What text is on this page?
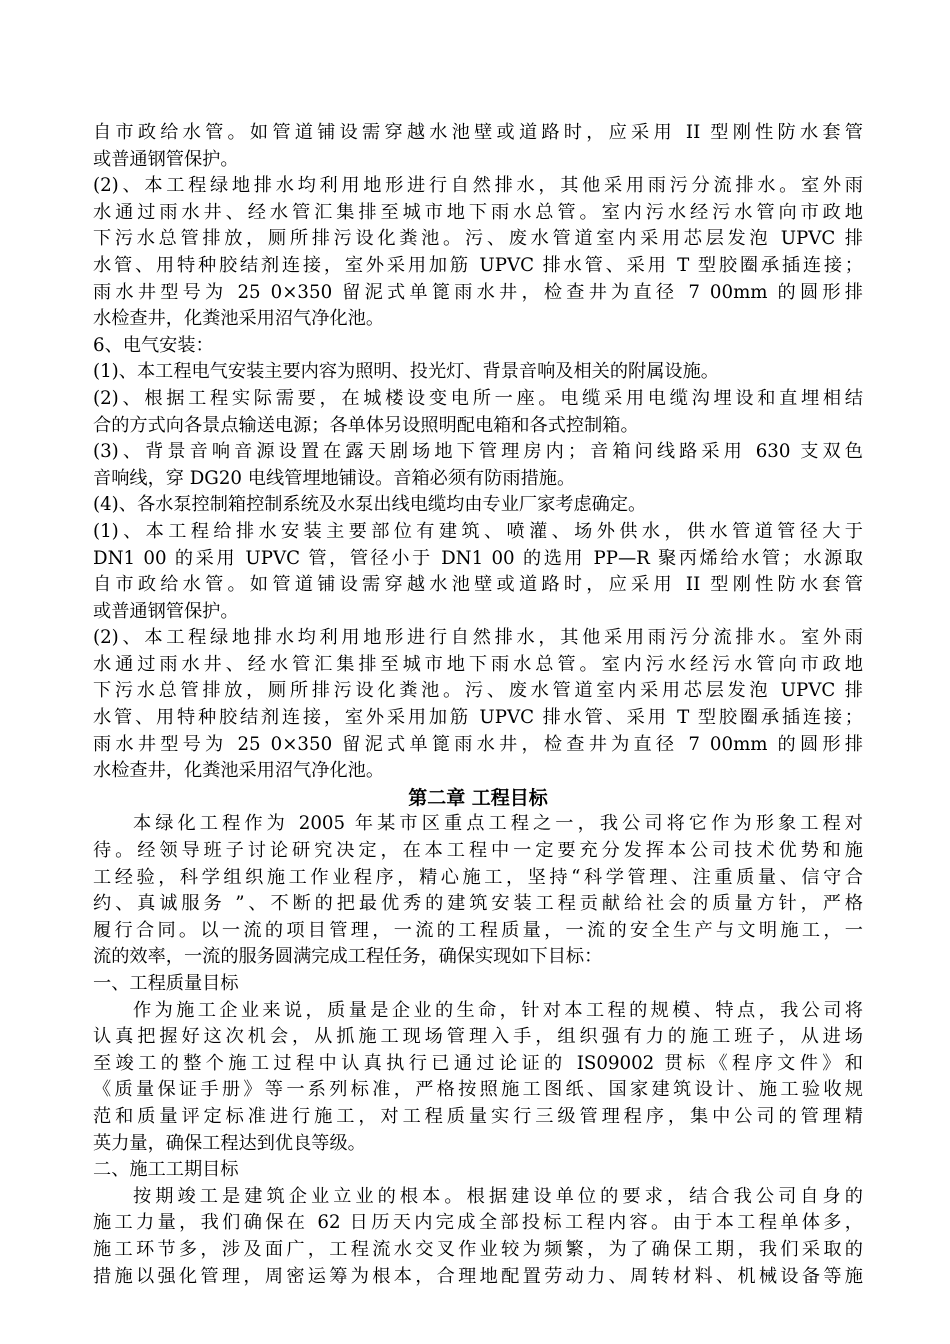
自市政给水管。如管道铺设需穿越水池壁或道路时，应采用 II 型刚性防水套管
或普通钢管保护。
(2)、本工程绿地排水均利用地形进行自然排水，其他采用雨污分流排水。室外雨
水通过雨水井、经水管汇集排至城市地下雨水总管。室内污水经污水管向市政地
下污水总管排放，厕所排污设化粪池。污、废水管道室内采用芯层发泡 UPVC 排
水管、用特种胶结剂连接，室外采用加筋 UPVC 排水管、采用 T 型胶圈承插连接；
雨水井型号为 25 0×350 留泥式单篦雨水井，检查井为直径 7 00mm 的圆形排
水检查井，化粪池采用沼气净化池。
6、电气安装：
(1)、本工程电气安装主要内容为照明、投光灯、背景音响及相关的附属设施。
(2)、根据工程实际需要，在城楼设变电所一座。电缆采用电缆沟埋设和直埋相结
合的方式向各景点输送电源；各单体另设照明配电箱和各式控制箱。
(3)、背景音响音源设置在露天剧场地下管理房内；音箱问线路采用 630 支双色
音响线，穿 DG20 电线管埋地铺设。音箱必须有防雨措施。
(4)、各水泵控制箱控制系统及水泵出线电缆均由专业厂家考虑确定。
(1)、本工程给排水安装主要部位有建筑、喷灌、场外供水，供水管道管径大于
DN1 00 的采用 UPVC 管，管径小于 DN1 00 的选用 PP—R 聚丙烯给水管；水源取
自市政给水管。如管道铺设需穿越水池壁或道路时，应采用 II 型刚性防水套管
或普通钢管保护。
(2)、本工程绿地排水均利用地形进行自然排水，其他采用雨污分流排水。室外雨
水通过雨水井、经水管汇集排至城市地下雨水总管。室内污水经污水管向市政地
下污水总管排放，厕所排污设化粪池。污、废水管道室内采用芯层发泡 UPVC 排
水管、用特种胶结剂连接，室外采用加筋 UPVC 排水管、采用 T 型胶圈承插连接；
雨水井型号为 25 0×350 留泥式单篦雨水井，检查井为直径 7 00mm 的圆形排
水检查井，化粪池采用沼气净化池。
第二章 工程目标
本绿化工程作为 2005 年某市区重点工程之一，我公司将它作为形象工程对
待。经领导班子讨论研究决定，在本工程中一定要充分发挥本公司技术优势和施
工经验，科学组织施工作业程序，精心施工，坚持“科学管理、注重质量、信守合
约、真诚服务 ”、不断的把最优秀的建筑安装工程贡献给社会的质量方针，严格
履行合同。以一流的项目管理，一流的工程质量，一流的安全生产与文明施工，一
流的效率，一流的服务圆满完成工程任务，确保实现如下目标：
一、工程质量目标
作为施工企业来说，质量是企业的生命，针对本工程的规模、特点，我公司将
认真把握好这次机会，从抓施工现场管理入手，组织强有力的施工班子，从进场
至竣工的整个施工过程中认真执行已通过论证的 IS09002 贯标《程序文件》和
《质量保证手册》等一系列标准，严格按照施工图纸、国家建筑设计、施工验收规
范和质量评定标准进行施工，对工程质量实行三级管理程序，集中公司的管理精
英力量，确保工程达到优良等级。
二、施工工期目标
按期竣工是建筑企业立业的根本。根据建设单位的要求，结合我公司自身的
施工力量，我们确保在 62 日历天内完成全部投标工程内容。由于本工程单体多，
施工环节多，涉及面广，工程流水交叉作业较为频繁，为了确保工期，我们采取的
措施以强化管理，周密运筹为根本，合理地配置劳动力、周转材料、机械设备等施
